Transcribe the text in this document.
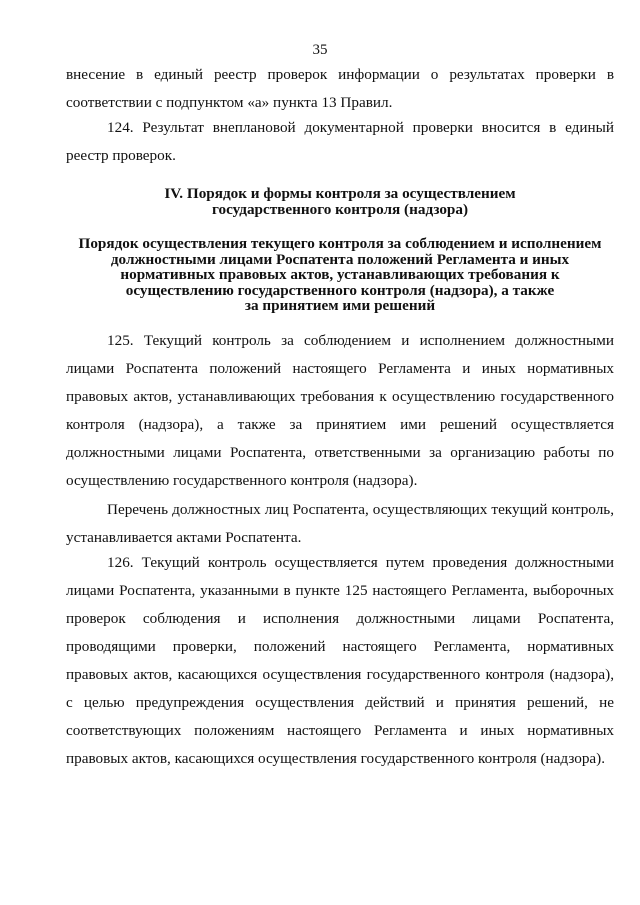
35

внесение в единый реестр проверок информации о результатах проверки в соответствии с подпунктом «а» пункта 13 Правил.

124. Результат внеплановой документарной проверки вносится в единый реестр проверок.

IV. Порядок и формы контроля за осуществлением
государственного контроля (надзора)
Порядок осуществления текущего контроля за соблюдением и исполнением
должностными лицами Роспатента положений Регламента и иных
нормативных правовых актов, устанавливающих требования к
осуществлению государственного контроля (надзора), а также
за принятием ими решений

125. Текущий контроль за соблюдением и исполнением должностными лицами Роспатента положений настоящего Регламента и иных нормативных правовых актов, устанавливающих требования к осуществлению государственного контроля (надзора), а также за принятием ими решений осуществляется должностными лицами Роспатента, ответственными за организацию работы по осуществлению государственного контроля (надзора).

Перечень должностных лиц Роспатента, осуществляющих текущий контроль, устанавливается актами Роспатента.

126. Текущий контроль осуществляется путем проведения должностными лицами Роспатента, указанными в пункте 125 настоящего Регламента, выборочных проверок соблюдения и исполнения должностными лицами Роспатента, проводящими проверки, положений настоящего Регламента, нормативных правовых актов, касающихся осуществления государственного контроля (надзора), с целью предупреждения осуществления действий и принятия решений, не соответствующих положениям настоящего Регламента и иных нормативных правовых актов, касающихся осуществления государственного контроля (надзора).
